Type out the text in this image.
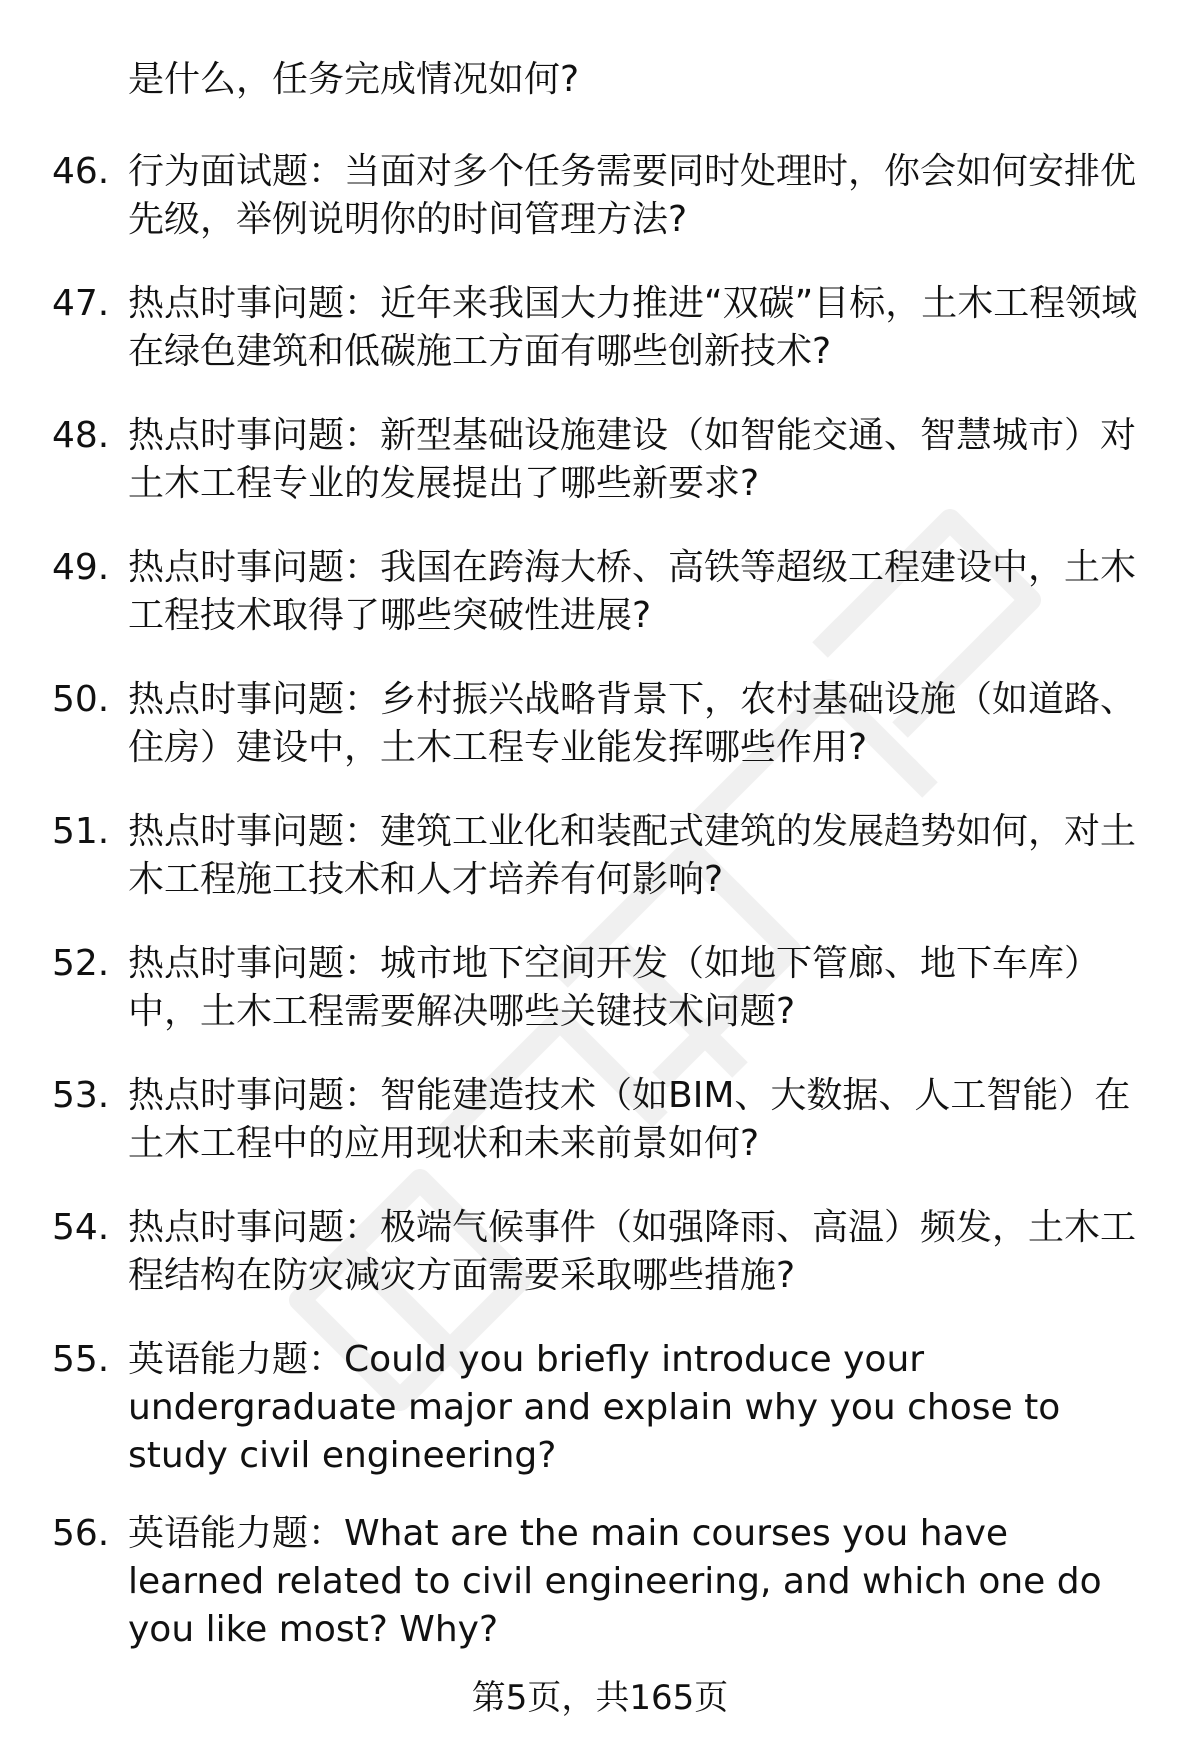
是什么，任务完成情况如何?
46. 行为面试题：当面对多个任务需要同时处理时，你会如何安排优先级，举例说明你的时间管理方法?
47. 热点时事问题：近年来我国大力推进“双碳”目标，土木工程领域在绿色建筑和低碳施工方面有哪些创新技术?
48. 热点时事问题：新型基础设施建设（如智能交通、智慧城市）对土木工程专业的发展提出了哪些新要求?
49. 热点时事问题：我国在跨海大桥、高铁等超级工程建设中，土木工程技术取得了哪些突破性进展?
50. 热点时事问题：乡村振兴战略背景下，农村基础设施（如道路、住房）建设中，土木工程专业能发挥哪些作用?
51. 热点时事问题：建筑工业化和装配式建筑的发展趋势如何，对土木工程施工技术和人才培养有何影响?
52. 热点时事问题：城市地下空间开发（如地下管廊、地下车库）中，土木工程需要解决哪些关键技术问题?
53. 热点时事问题：智能建造技术（如BIM、大数据、人工智能）在土木工程中的应用现状和未来前景如何?
54. 热点时事问题：极端气候事件（如强降雨、高温）频发，土木工程结构在防灾减灾方面需要采取哪些措施?
55. 英语能力题：Could you briefly introduce your undergraduate major and explain why you chose to study civil engineering?
56. 英语能力题：What are the main courses you have learned related to civil engineering, and which one do you like most? Why?
第5页，共165页
